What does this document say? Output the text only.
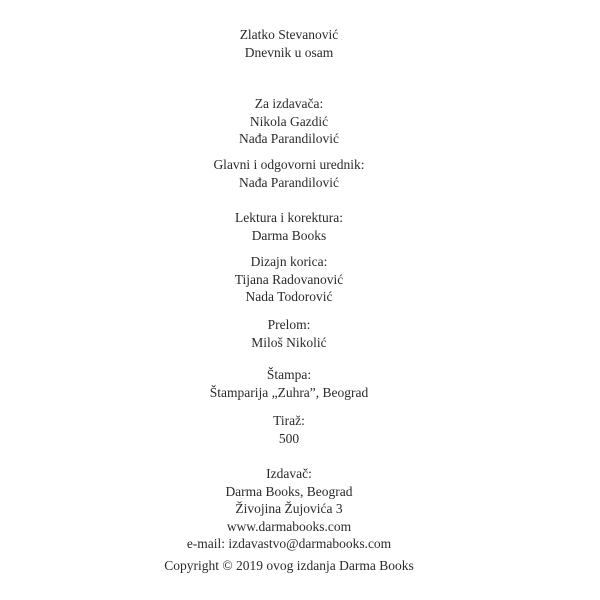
Zlatko Stevanović
Dnevnik u osam
Za izdavača:
Nikola Gazdić
Nađa Parandilović
Glavni i odgovorni urednik:
Nađa Parandilović
Lektura i korektura:
Darma Books
Dizajn korica:
Tijana Radovanović
Nada Todorović
Prelom:
Miloš Nikolić
Štampa:
Štamparija „Zuhra”, Beograd
Tiraž:
500
Izdavač:
Darma Books, Beograd
Živojina Žujovića 3
www.darmabooks.com
e-mail: izdavastvo@darmabooks.com
Copyright © 2019 ovog izdanja Darma Books
